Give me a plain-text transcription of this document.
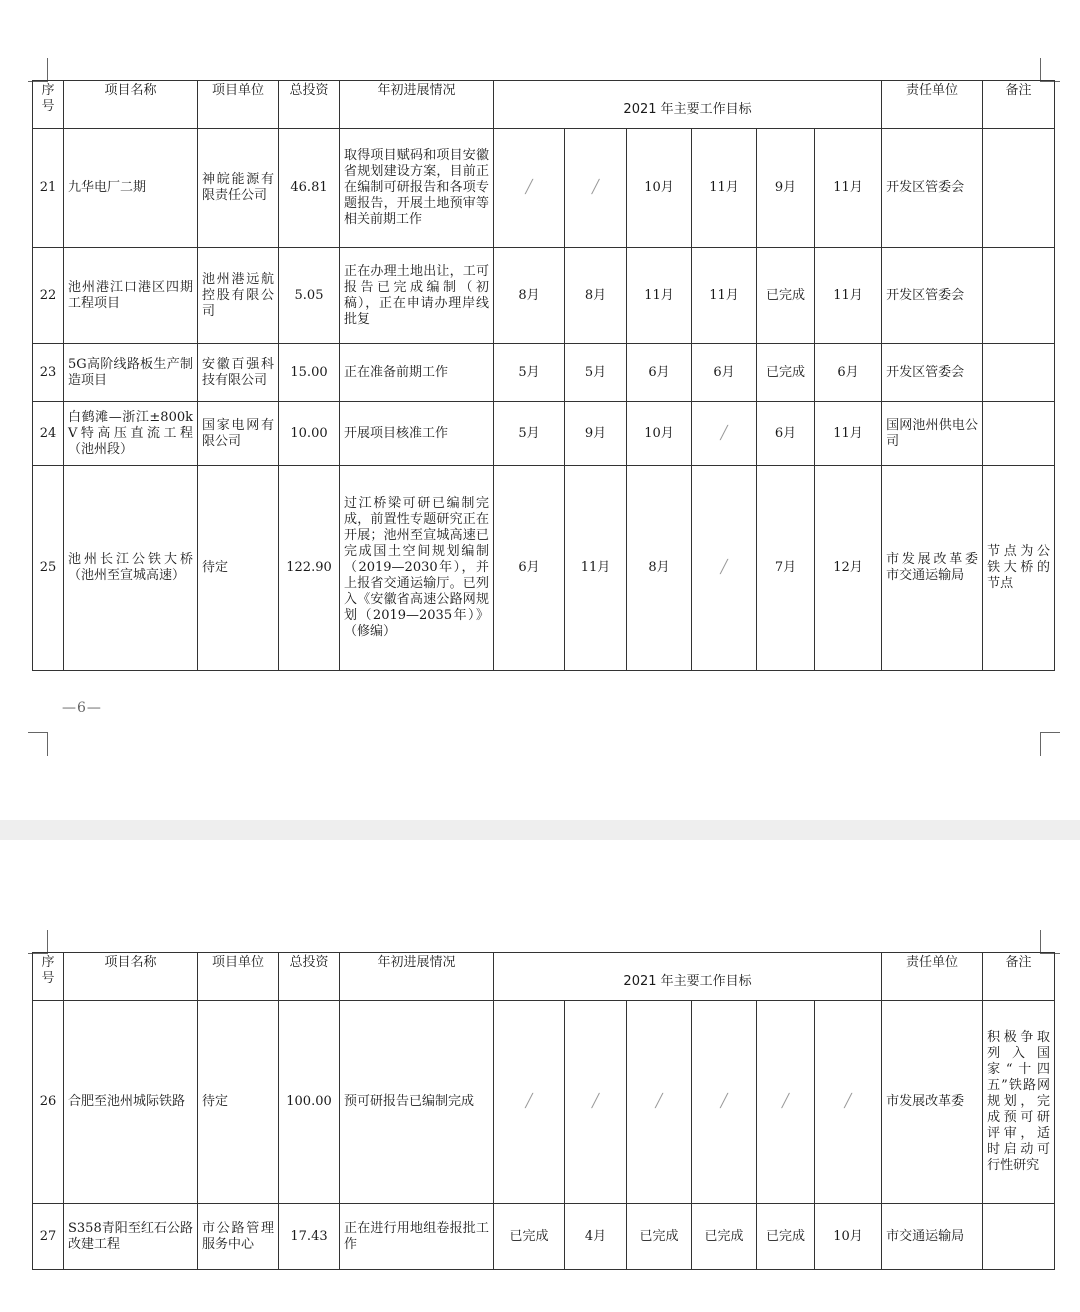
序号	项目名称	项目单位	总投资	年初进展情况	2021 年主要工作目标						责任单位	备注
21	九华电厂二期	神皖能源有限责任公司	46.81	取得项目赋码和项目安徽省规划建设方案，目前正在编制可研报告和各项专题报告，开展土地预审等相关前期工作	╱	╱	10月	11月	9月	11月	开发区管委会	
22	池州港江口港区四期工程项目	池州港远航控股有限公司	5.05	正在办理土地出让，工可报告已完成编制（初稿），正在申请办理岸线批复	8月	8月	11月	11月	已完成	11月	开发区管委会	
23	5G高阶线路板生产制造项目	安徽百强科技有限公司	15.00	正在准备前期工作	5月	5月	6月	6月	已完成	6月	开发区管委会	
24	白鹤滩—浙江±800kV特高压直流工程（池州段）	国家电网有限公司	10.00	开展项目核准工作	5月	9月	10月	╱	6月	11月	国网池州供电公司	
25	池州长江公铁大桥（池州至宣城高速）	待定	122.90	过江桥梁可研已编制完成，前置性专题研究正在开展；池州至宣城高速已完成国土空间规划编制（2019—2030年），并上报省交通运输厅。已列入《安徽省高速公路网规划（2019—2035年）》（修编）	6月	11月	8月	╱	7月	12月	市发展改革委 市交通运输局	节点为公铁大桥的节点
—6—
序号	项目名称	项目单位	总投资	年初进展情况	2021 年主要工作目标						责任单位	备注
26	合肥至池州城际铁路	待定	100.00	预可研报告已编制完成	╱	╱	╱	╱	╱	╱	市发展改革委	积极争取列入国家“十四五”铁路网规划，完成预可研评审，适时启动可行性研究
27	S358青阳至红石公路改建工程	市公路管理服务中心	17.43	正在进行用地组卷报批工作	已完成	4月	已完成	已完成	已完成	10月	市交通运输局	
